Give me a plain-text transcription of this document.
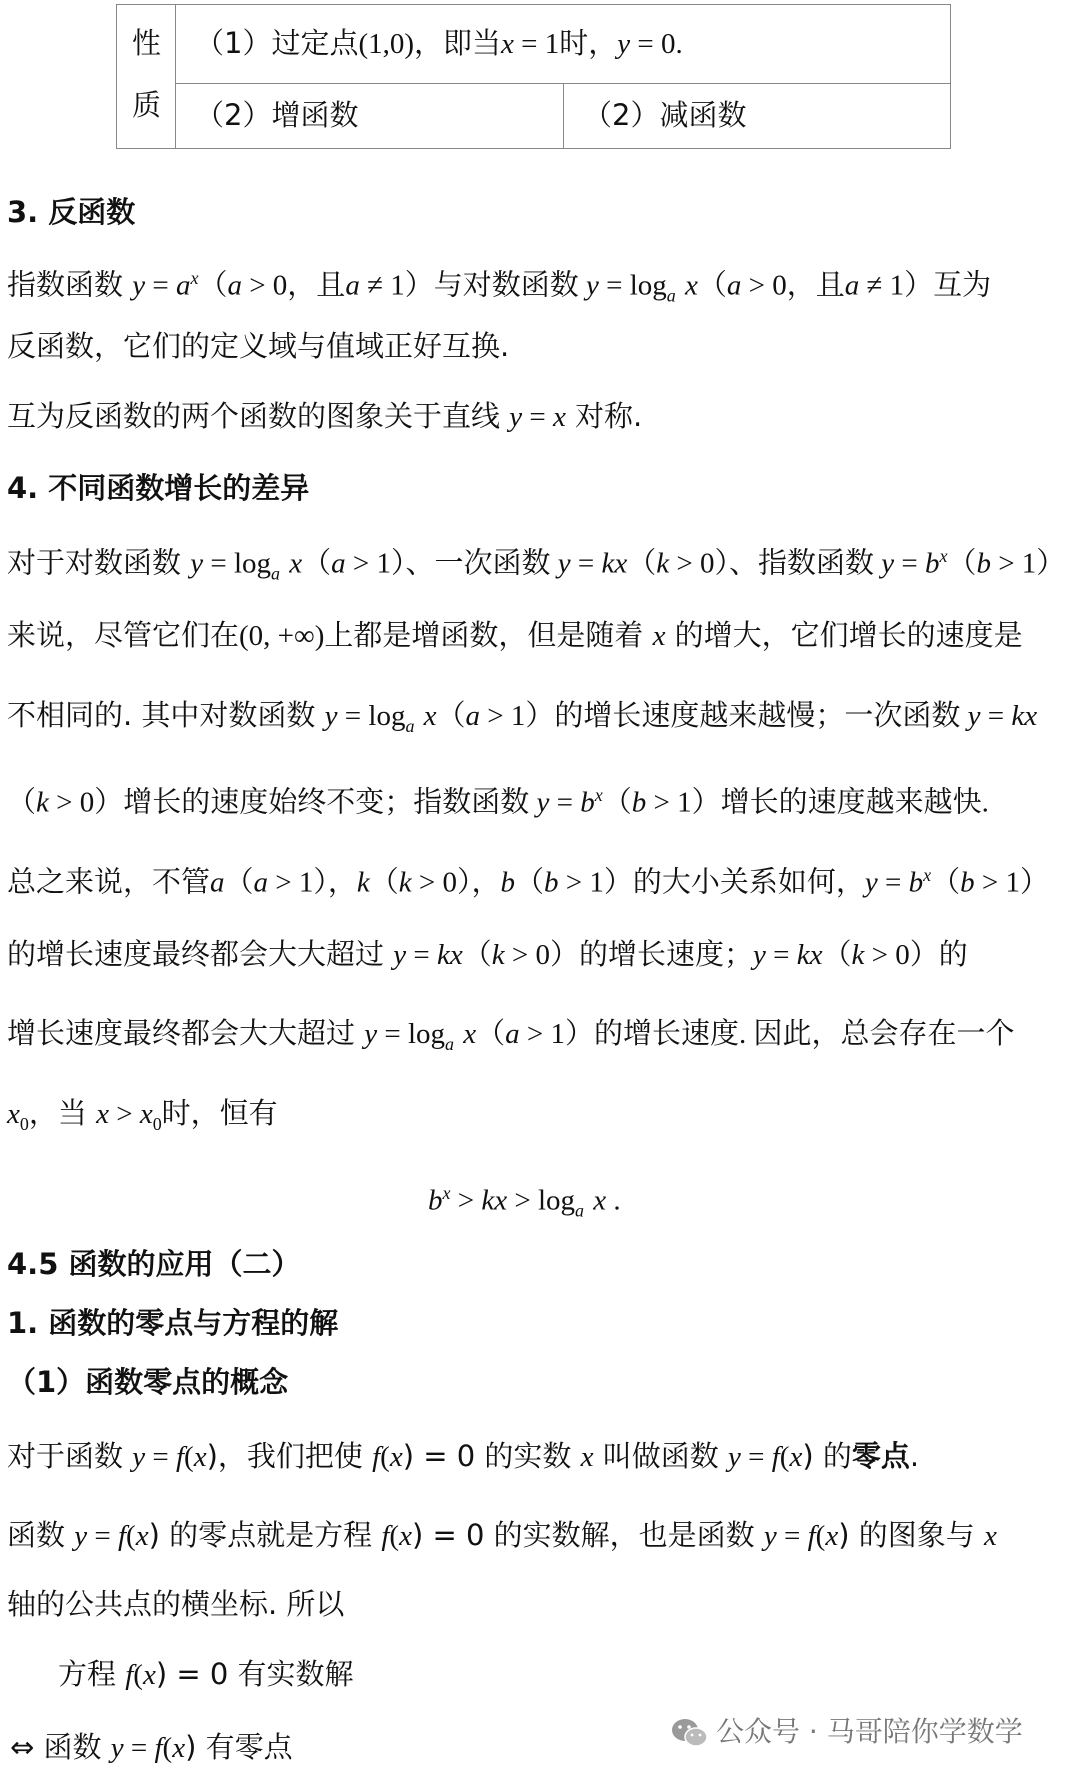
性
质
（1）过定点(1,0)，即当x = 1时，y = 0.
（2）增函数	（2）减函数
3. 反函数
指数函数 $y = a^x(a > 0$，且a ≠ 1）与对数函数 $y = \log_a x(a > 0$，且a ≠ 1）互为
反函数，它们的定义域与值域正好互换.
互为反函数的两个函数的图象关于直线 y = x 对称.
4. 不同函数增长的差异
对于对数函数 $y = \log_a x(a > 1)$、一次函数 y = kx（k > 0）、指数函数 $y = b^x(b > 1)$
来说，尽管它们在(0, +∞)上都是增函数，但是随着 x 的增大，它们增长的速度是
不相同的. 其中对数函数 $y = \log_a x(a > 1)$的增长速度越来越慢；一次函数 y = kx
（k > 0）增长的速度始终不变；指数函数 $y = b^x(b > 1)$增长的速度越来越快.
总之来说，不管a（a > 1），k（k > 0），b（b > 1）的大小关系如何，$y = b^x(b > 1)$
的增长速度最终都会大大超过 y = kx（k > 0）的增长速度；y = kx（k > 0）的
增长速度最终都会大大超过 $y = \log_a x(a > 1)$的增长速度. 因此，总会存在一个
$x_0$，当 $x > x_0$时，恒有
$b^x$ > kx > $\log_a x$ .
4.5 函数的应用（二）
1. 函数的零点与方程的解
（1）函数零点的概念
对于函数 y = f(x)，我们把使 f(x) = 0 的实数 x 叫做函数 y = f(x) 的零点.
函数 y = f(x) 的零点就是方程 f(x) = 0 的实数解，也是函数 y = f(x) 的图象与 x
轴的公共点的横坐标. 所以
方程 f(x) = 0 有实数解
⇔ 函数 y = f(x) 有零点	公众号 · 马哥陪你学数学
